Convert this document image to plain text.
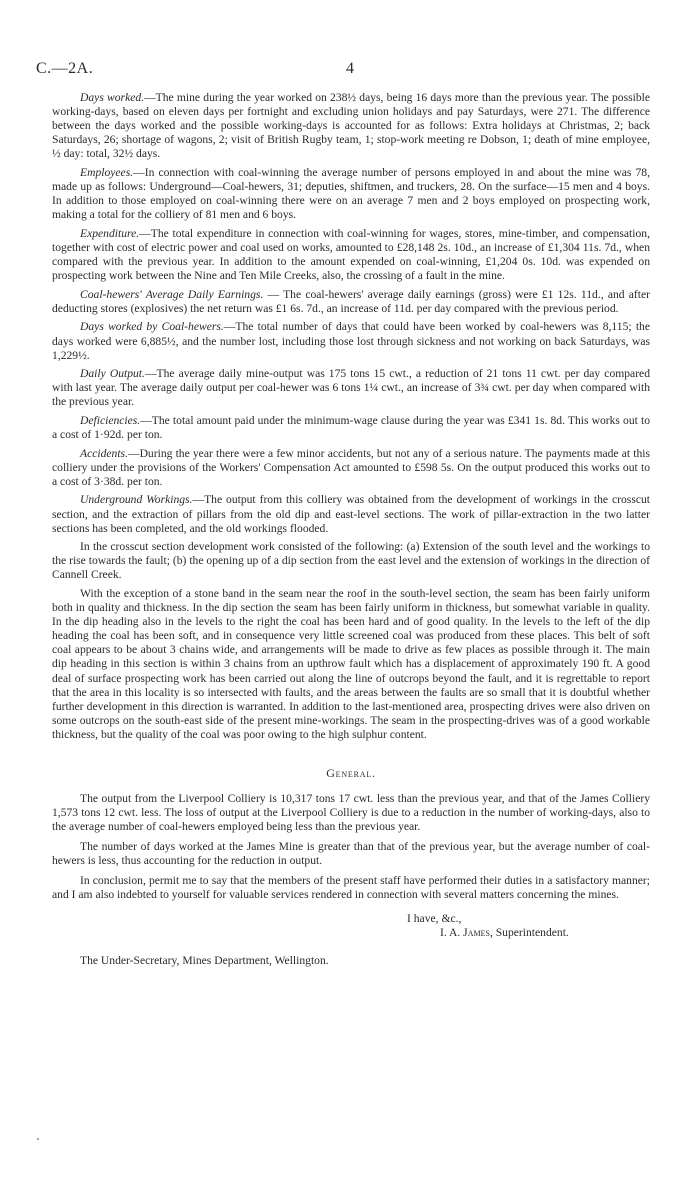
C.—2A.	4

Days worked.—The mine during the year worked on 238½ days, being 16 days more than the previous year. The possible working-days, based on eleven days per fortnight and excluding union holidays and pay Saturdays, were 271. The difference between the days worked and the possible working-days is accounted for as follows: Extra holidays at Christmas, 2; back Saturdays, 26; shortage of wagons, 2; visit of British Rugby team, 1; stop-work meeting re Dobson, 1; death of mine employee, ½ day: total, 32½ days.

Employees.—In connection with coal-winning the average number of persons employed in and about the mine was 78, made up as follows: Underground—Coal-hewers, 31; deputies, shiftmen, and truckers, 28. On the surface—15 men and 4 boys. In addition to those employed on coal-winning there were on an average 7 men and 2 boys employed on prospecting work, making a total for the colliery of 81 men and 6 boys.

Expenditure.—The total expenditure in connection with coal-winning for wages, stores, mine-timber, and compensation, together with cost of electric power and coal used on works, amounted to £28,148 2s. 10d., an increase of £1,304 11s. 7d., when compared with the previous year. In addition to the amount expended on coal-winning, £1,204 0s. 10d. was expended on prospecting work between the Nine and Ten Mile Creeks, also, the crossing of a fault in the mine.

Coal-hewers' Average Daily Earnings. — The coal-hewers' average daily earnings (gross) were £1 12s. 11d., and after deducting stores (explosives) the net return was £1 6s. 7d., an increase of 11d. per day compared with the previous period.

Days worked by Coal-hewers.—The total number of days that could have been worked by coal-hewers was 8,115; the days worked were 6,885½, and the number lost, including those lost through sickness and not working on back Saturdays, was 1,229½.

Daily Output.—The average daily mine-output was 175 tons 15 cwt., a reduction of 21 tons 11 cwt. per day compared with last year. The average daily output per coal-hewer was 6 tons 1¼ cwt., an increase of 3¾ cwt. per day when compared with the previous year.

Deficiencies.—The total amount paid under the minimum-wage clause during the year was £341 1s. 8d. This works out to a cost of 1·92d. per ton.

Accidents.—During the year there were a few minor accidents, but not any of a serious nature. The payments made at this colliery under the provisions of the Workers' Compensation Act amounted to £598 5s. On the output produced this works out to a cost of 3·38d. per ton.

Underground Workings.—The output from this colliery was obtained from the development of workings in the crosscut section, and the extraction of pillars from the old dip and east-level sections. The work of pillar-extraction in the two latter sections has been completed, and the old workings flooded.

In the crosscut section development work consisted of the following: (a) Extension of the south level and the workings to the rise towards the fault; (b) the opening up of a dip section from the east level and the extension of workings in the direction of Cannell Creek.

With the exception of a stone band in the seam near the roof in the south-level section, the seam has been fairly uniform both in quality and thickness. In the dip section the seam has been fairly uniform in thickness, but somewhat variable in quality. In the dip heading also in the levels to the right the coal has been hard and of good quality. In the levels to the left of the dip heading the coal has been soft, and in consequence very little screened coal was produced from these places. This belt of soft coal appears to be about 3 chains wide, and arrangements will be made to drive as few places as possible through it. The main dip heading in this section is within 3 chains from an upthrow fault which has a displacement of approximately 190 ft. A good deal of surface prospecting work has been carried out along the line of outcrops beyond the fault, and it is regrettable to report that the area in this locality is so intersected with faults, and the areas between the faults are so small that it is doubtful whether further development in this direction is warranted. In addition to the last-mentioned area, prospecting drives were also driven on some outcrops on the south-east side of the present mine-workings. The seam in the prospecting-drives was of a good workable thickness, but the quality of the coal was poor owing to the high sulphur content.

General.

The output from the Liverpool Colliery is 10,317 tons 17 cwt. less than the previous year, and that of the James Colliery 1,573 tons 12 cwt. less. The loss of output at the Liverpool Colliery is due to a reduction in the number of working-days, also to the average number of coal-hewers employed being less than the previous year.

The number of days worked at the James Mine is greater than that of the previous year, but the average number of coal-hewers is less, thus accounting for the reduction in output.

In conclusion, permit me to say that the members of the present staff have performed their duties in a satisfactory manner; and I am also indebted to yourself for valuable services rendered in connection with several matters concerning the mines.

I have, &c.,
I. A. James, Superintendent.
The Under-Secretary, Mines Department, Wellington.
